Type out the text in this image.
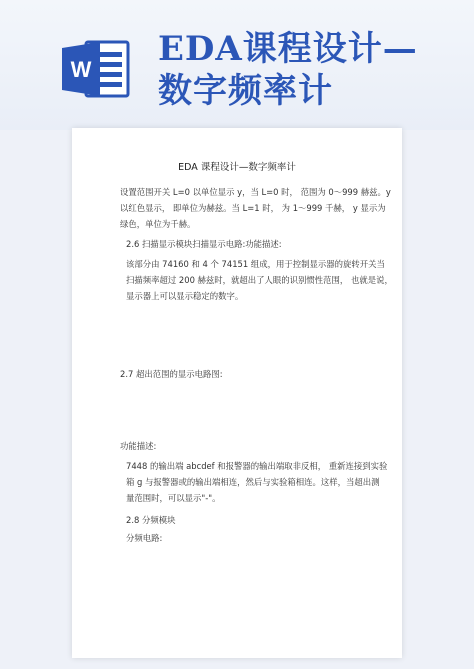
W
EDA课程设计—
数字频率计
EDA 课程设计—数字频率计
设置范围开关 L=0 以单位显示 y，当 L=0 时， 范围为 0～999 赫兹。y
以红色显示， 即单位为赫兹。当 L=1 时， 为 1～999 千赫， y 显示为
绿色，单位为千赫。
2.6 扫描显示模块扫描显示电路:功能描述:
该部分由 74160 和 4 个 74151 组成，用于控制显示器的旋转开关当
扫描频率超过 200 赫兹时，就超出了人眼的识别惯性范围， 也就是说，
显示器上可以显示稳定的数字。
2.7 超出范围的显示电路图:
功能描述:
7448 的输出端 abcdef 和报警器的输出端取非反相， 重新连接到实验
箱 g 与报警器或的输出端相连，然后与实验箱相连。这样，当超出测
量范围时，可以显示"-"。
2.8 分频模块
分频电路:
